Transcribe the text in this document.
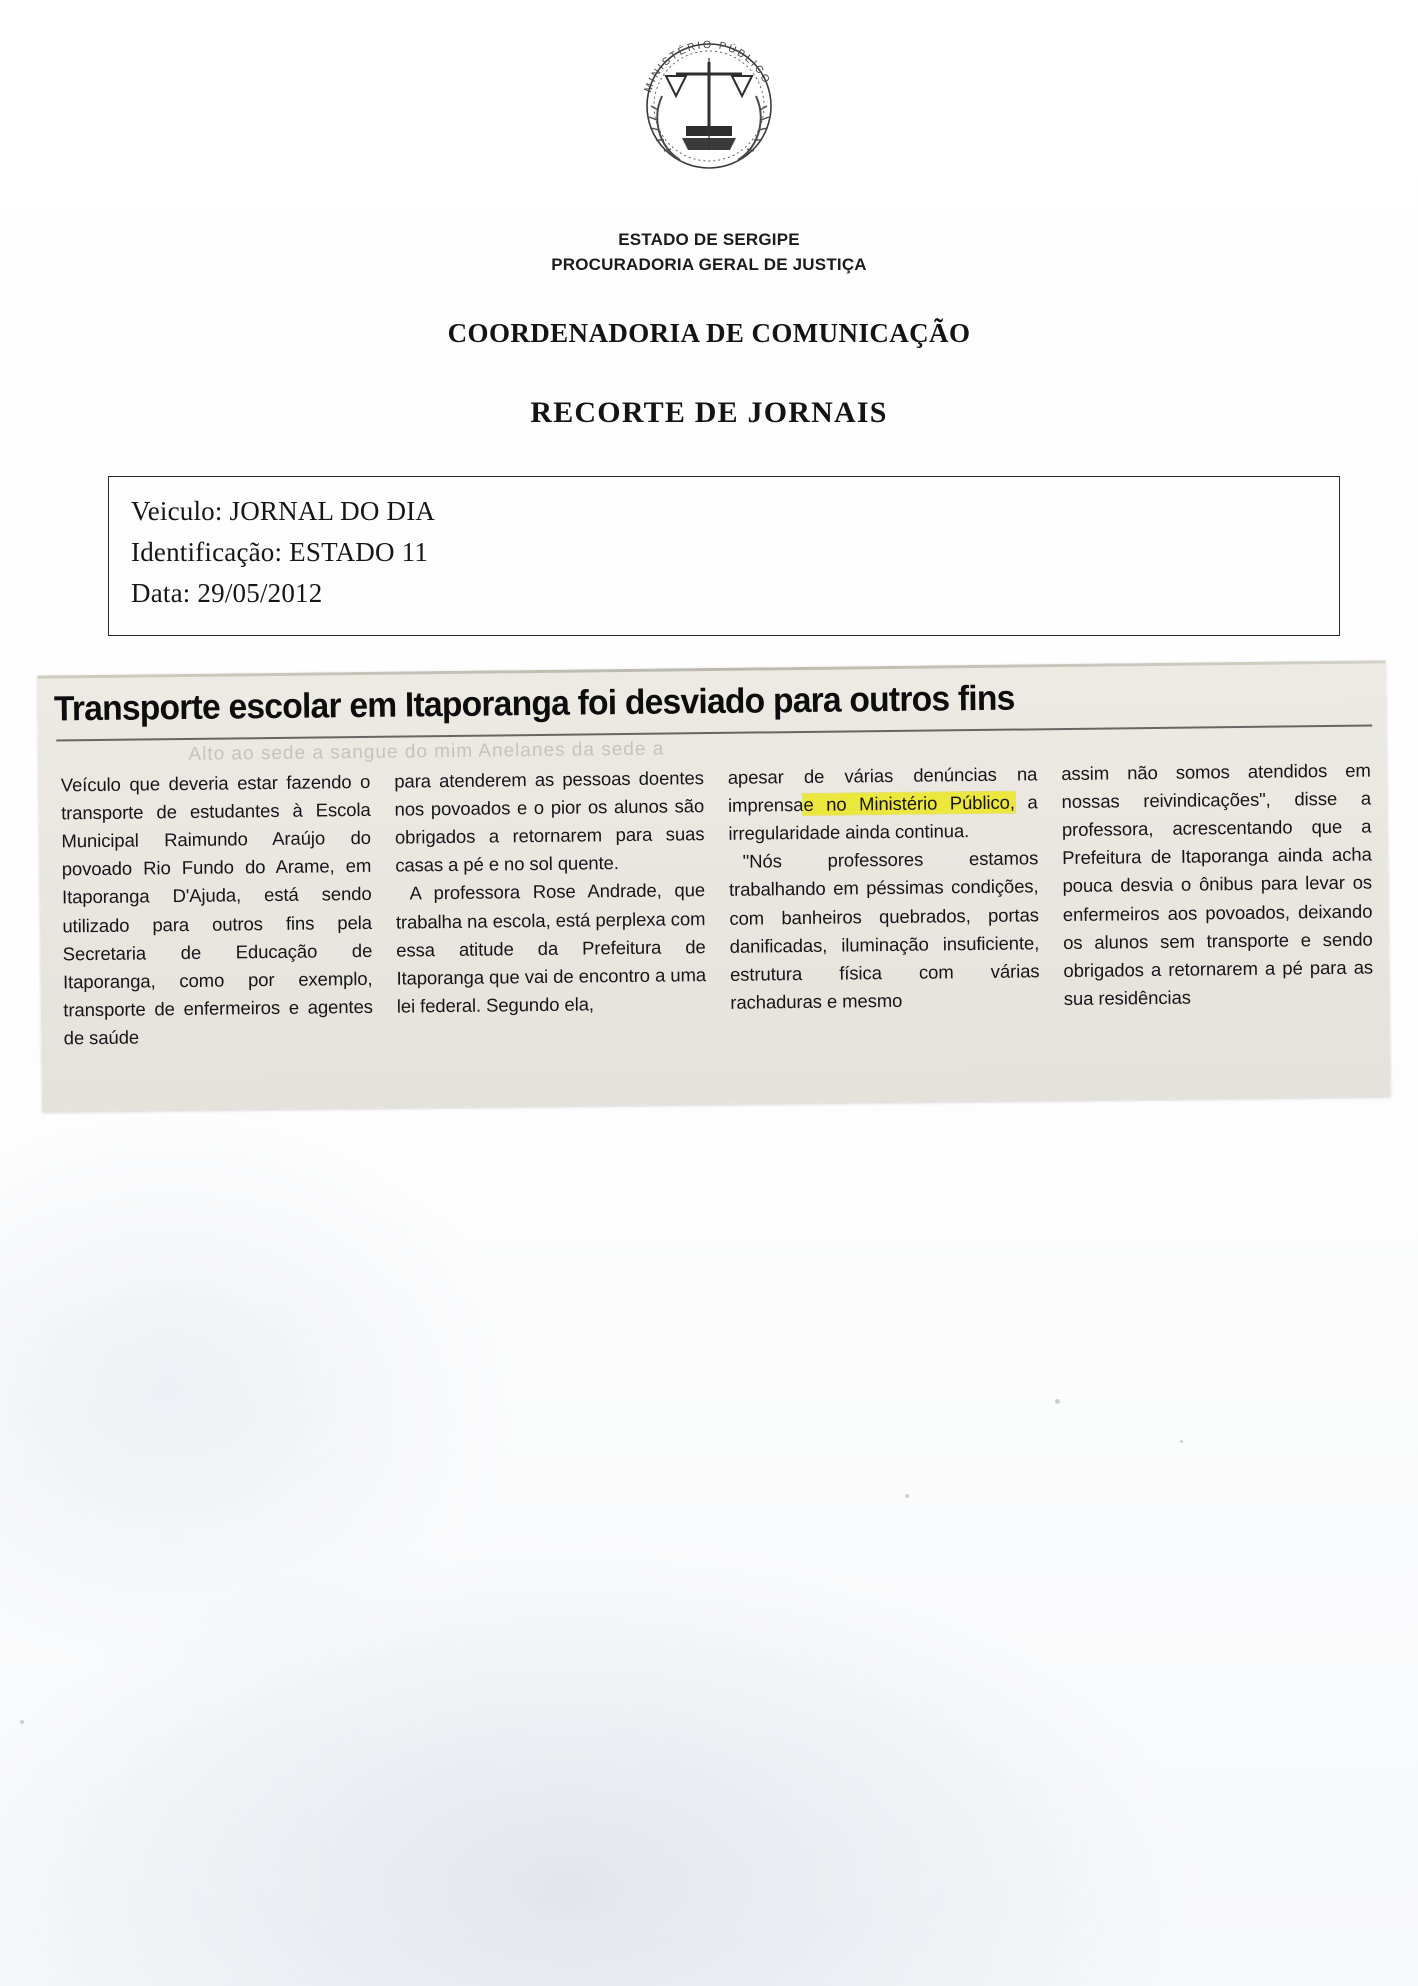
MINISTÉRIO PÚBLICO
ESTADO DE SERGIPE
PROCURADORIA GERAL DE JUSTIÇA
COORDENADORIA DE COMUNICAÇÃO
RECORTE DE JORNAIS
Veiculo: JORNAL DO DIA
Identificação: ESTADO 11
Data: 29/05/2012
Transporte escolar em Itaporanga foi desviado para outros fins
Alto ao sede a sangue do mim Anelanes da sede a

Veículo que deveria estar fazendo o transporte de estudantes à Escola Municipal Raimundo Araújo do povoado Rio Fundo do Arame, em Itaporanga D'Ajuda, está sendo utilizado para outros fins pela Secretaria de Educação de Itaporanga, como por exemplo, transporte de enfermeiros e agentes de saúde

para atenderem as pessoas doentes nos povoados e o pior os alunos são obrigados a retornarem para suas casas a pé e no sol quente.

A professora Rose Andrade, que trabalha na escola, está perplexa com essa atitude da Prefeitura de Itaporanga que vai de encontro a uma lei federal. Segundo ela,

apesar de várias denúncias na imprensae no Ministério Público, a irregularidade ainda continua.

"Nós professores estamos trabalhando em péssimas condições, com banheiros quebrados, portas danificadas, iluminação insuficiente, estrutura física com várias rachaduras e mesmo

assim não somos atendidos em nossas reivindicações", disse a professora, acrescentando que a Prefeitura de Itaporanga ainda acha pouca desvia o ônibus para levar os enfermeiros aos povoados, deixando os alunos sem transporte e sendo obrigados a retornarem a pé para as sua residências
